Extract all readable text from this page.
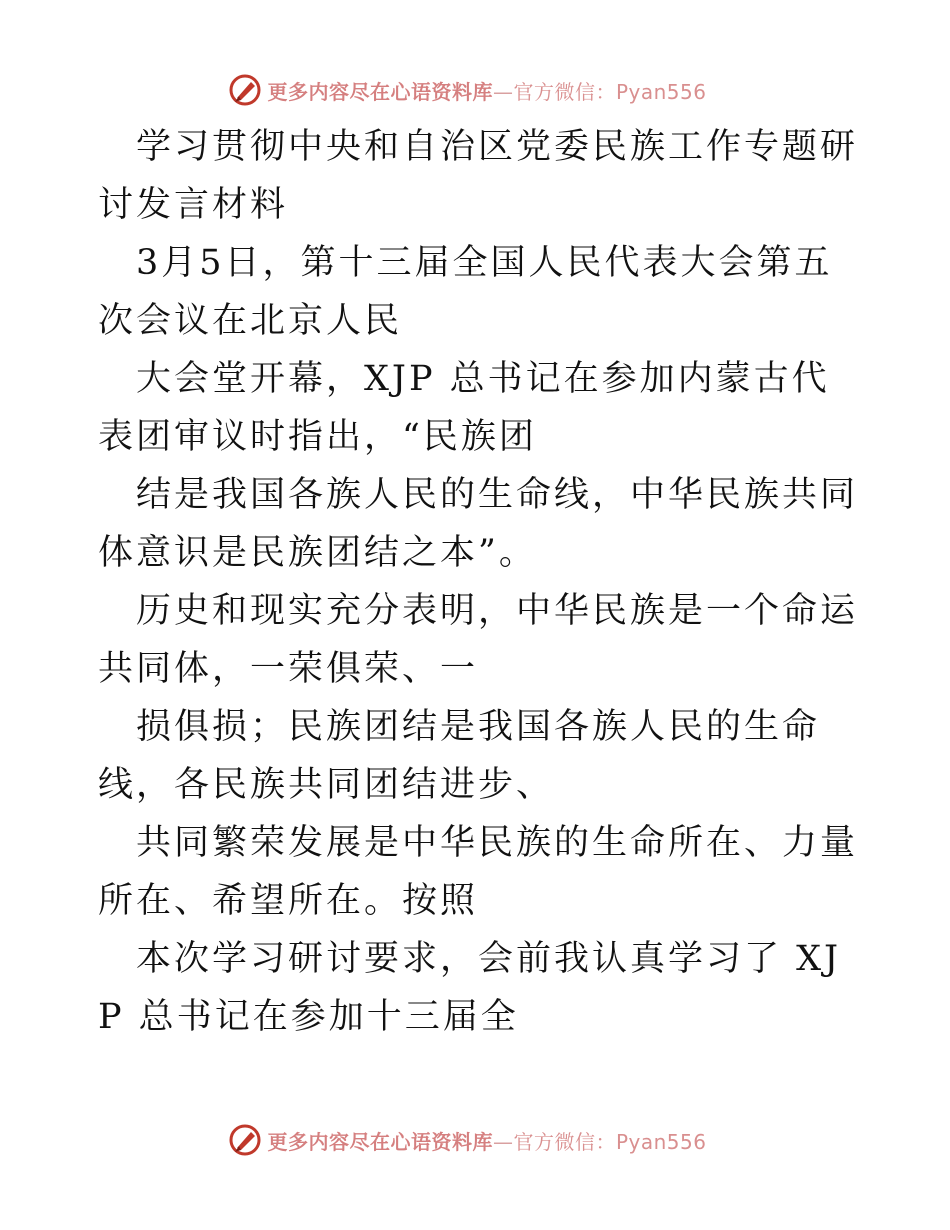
更多内容尽在心语资料库—官方微信：Pyan556

学习贯彻中央和自治区党委民族工作专题研讨发言材料

3月5日，第十三届全国人民代表大会第五次会议在北京人民

大会堂开幕，XJP 总书记在参加内蒙古代表团审议时指出，“民族团

结是我国各族人民的生命线，中华民族共同体意识是民族团结之本”。

历史和现实充分表明，中华民族是一个命运共同体，一荣俱荣、一

损俱损；民族团结是我国各族人民的生命线，各民族共同团结进步、

共同繁荣发展是中华民族的生命所在、力量所在、希望所在。按照

本次学习研讨要求，会前我认真学习了 XJP 总书记在参加十三届全

更多内容尽在心语资料库—官方微信：Pyan556
